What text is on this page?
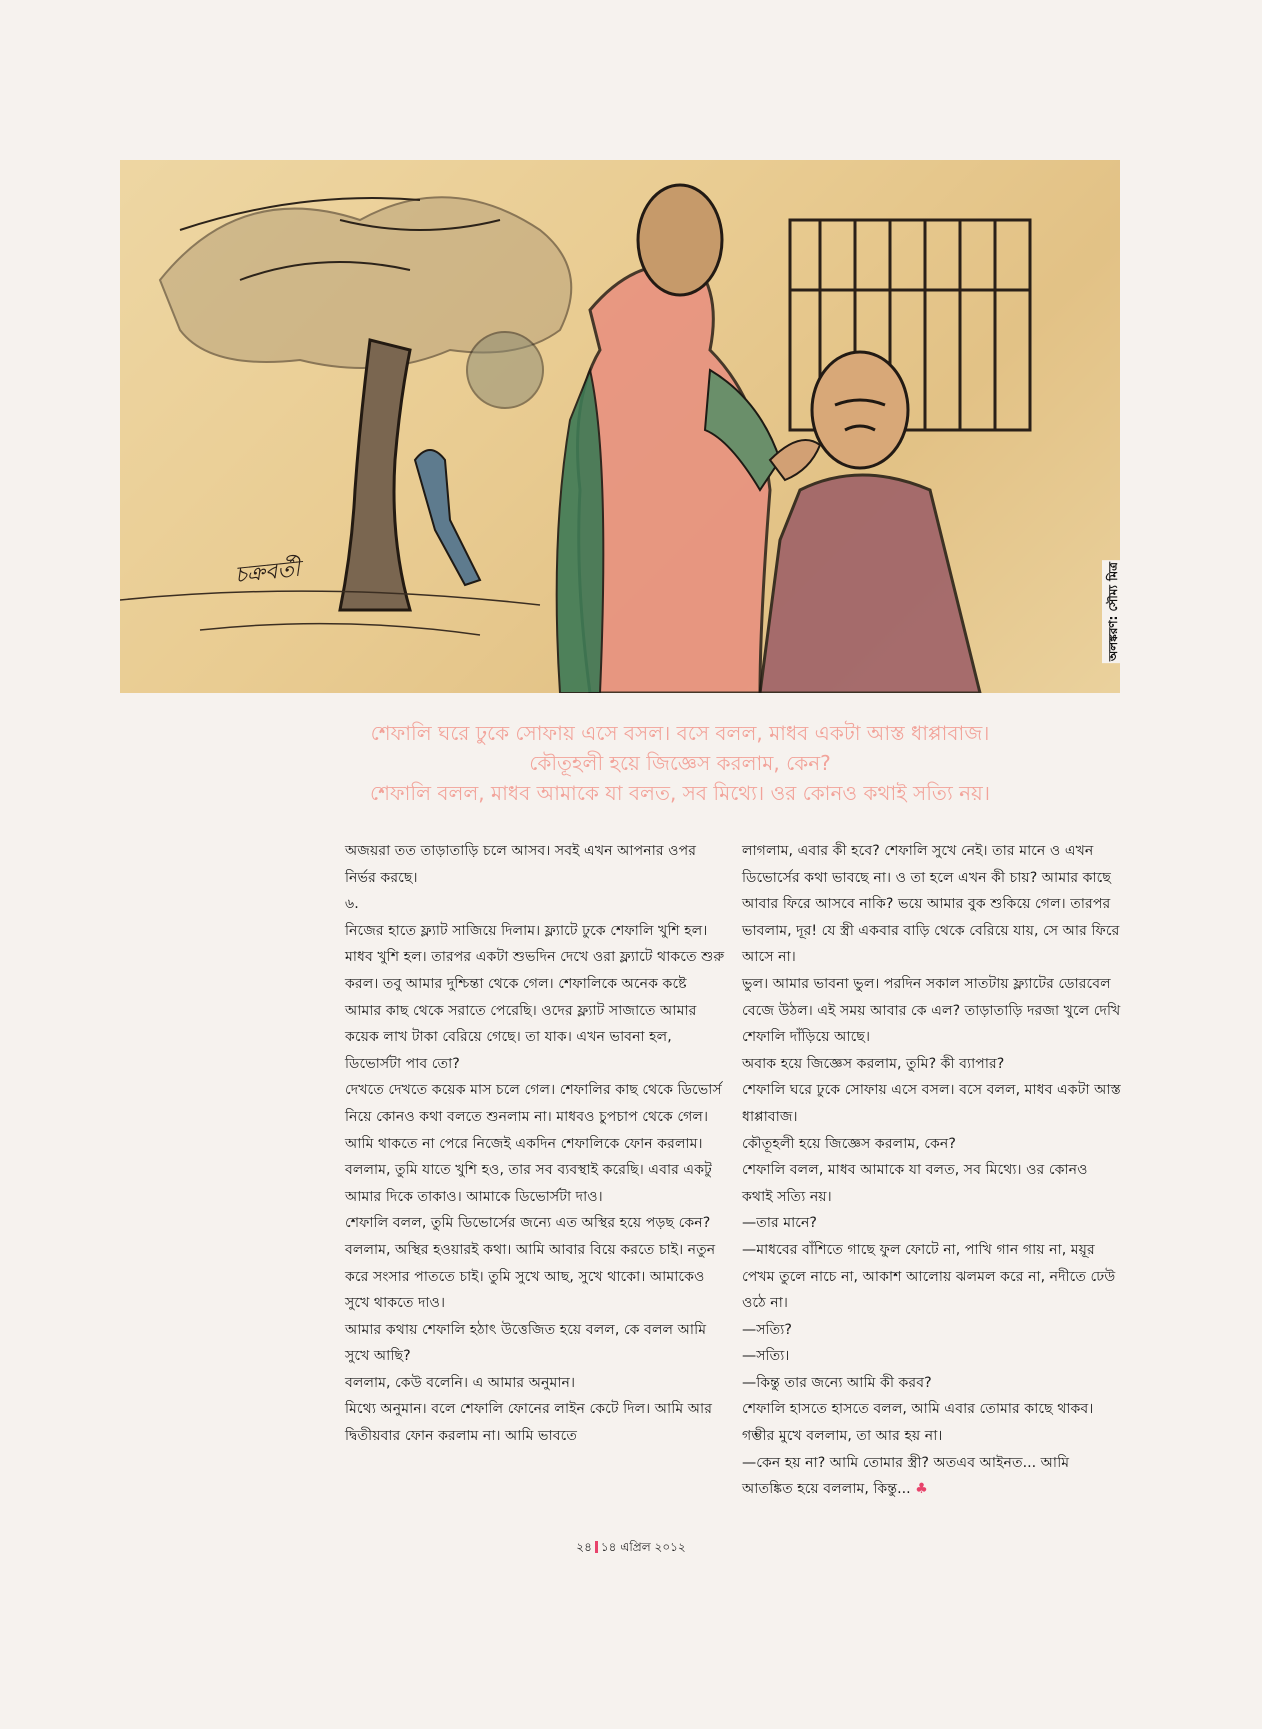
চক্রবর্তী	অলঙ্করণ: সৌম্য মিত্র
শেফালি ঘরে ঢুকে সোফায় এসে বসল। বসে বলল, মাধব একটা আস্ত ধাপ্পাবাজ।
কৌতূহলী হয়ে জিজ্ঞেস করলাম, কেন?
শেফালি বলল, মাধব আমাকে যা বলত, সব মিথ্যে। ওর কোনও কথাই সত্যি নয়।

অজয়রা তত তাড়াতাড়ি চলে আসব। সবই এখন আপনার ওপর নির্ভর করছে।

৬.

নিজের হাতে ফ্ল্যাট সাজিয়ে দিলাম। ফ্ল্যাটে ঢুকে শেফালি খুশি হল। মাধব খুশি হল। তারপর একটা শুভদিন দেখে ওরা ফ্ল্যাটে থাকতে শুরু করল। তবু আমার দুশ্চিন্তা থেকে গেল। শেফালিকে অনেক কষ্টে আমার কাছ থেকে সরাতে পেরেছি। ওদের ফ্ল্যাট সাজাতে আমার কয়েক লাখ টাকা বেরিয়ে গেছে। তা যাক। এখন ভাবনা হল, ডিভোর্সটা পাব তো?

দেখতে দেখতে কয়েক মাস চলে গেল। শেফালির কাছ থেকে ডিভোর্স নিয়ে কোনও কথা বলতে শুনলাম না। মাধবও চুপচাপ থেকে গেল। আমি থাকতে না পেরে নিজেই একদিন শেফালিকে ফোন করলাম। বললাম, তুমি যাতে খুশি হও, তার সব ব্যবস্থাই করেছি। এবার একটু আমার দিকে তাকাও। আমাকে ডিভোর্সটা দাও।

শেফালি বলল, তুমি ডিভোর্সের জন্যে এত অস্থির হয়ে পড়ছ কেন?

বললাম, অস্থির হওয়ারই কথা। আমি আবার বিয়ে করতে চাই। নতুন করে সংসার পাততে চাই। তুমি সুখে আছ, সুখে থাকো। আমাকেও সুখে থাকতে দাও।

আমার কথায় শেফালি হঠাৎ উত্তেজিত হয়ে বলল, কে বলল আমি সুখে আছি?

বললাম, কেউ বলেনি। এ আমার অনুমান।

মিথ্যে অনুমান। বলে শেফালি ফোনের লাইন কেটে দিল। আমি আর দ্বিতীয়বার ফোন করলাম না। আমি ভাবতে

লাগলাম, এবার কী হবে? শেফালি সুখে নেই। তার মানে ও এখন ডিভোর্সের কথা ভাবছে না। ও তা হলে এখন কী চায়? আমার কাছে আবার ফিরে আসবে নাকি? ভয়ে আমার বুক শুকিয়ে গেল। তারপর ভাবলাম, দূর! যে স্ত্রী একবার বাড়ি থেকে বেরিয়ে যায়, সে আর ফিরে আসে না।

ভুল। আমার ভাবনা ভুল। পরদিন সকাল সাতটায় ফ্ল্যাটের ডোরবেল বেজে উঠল। এই সময় আবার কে এল? তাড়াতাড়ি দরজা খুলে দেখি শেফালি দাঁড়িয়ে আছে।

অবাক হয়ে জিজ্ঞেস করলাম, তুমি? কী ব্যাপার?

শেফালি ঘরে ঢুকে সোফায় এসে বসল। বসে বলল, মাধব একটা আস্ত ধাপ্পাবাজ।

কৌতূহলী হয়ে জিজ্ঞেস করলাম, কেন?

শেফালি বলল, মাধব আমাকে যা বলত, সব মিথ্যে। ওর কোনও কথাই সত্যি নয়।

—তার মানে?

—মাধবের বাঁশিতে গাছে ফুল ফোটে না, পাখি গান গায় না, ময়ূর পেখম তুলে নাচে না, আকাশ আলোয় ঝলমল করে না, নদীতে ঢেউ ওঠে না।

—সত্যি?

—সত্যি।

—কিন্তু তার জন্যে আমি কী করব?

শেফালি হাসতে হাসতে বলল, আমি এবার তোমার কাছে থাকব।

গম্ভীর মুখে বললাম, তা আর হয় না।

—কেন হয় না? আমি তোমার স্ত্রী? অতএব আইনত... আমি আতঙ্কিত হয়ে বললাম, কিন্তু... ♣

২৪ ১৪ এপ্রিল ২০১২
